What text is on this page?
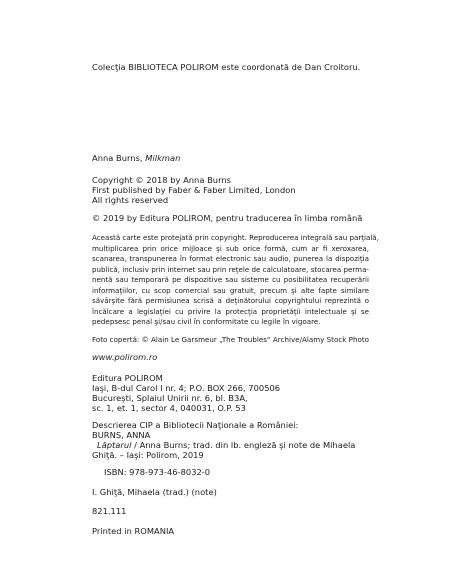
Colecţia BIBLIOTECA POLIROM este coordonată de Dan Croitoru.
Anna Burns, Milkman
Copyright © 2018 by Anna Burns
First published by Faber & Faber Limited, London
All rights reserved
© 2019 by Editura POLIROM, pentru traducerea în limba română
Această carte este protejată prin copyright. Reproducerea integrală sau parţială,
multiplicarea prin orice mijloace şi sub orice formă, cum ar fi xeroxarea,
scanarea, transpunerea în format electronic sau audio, punerea la dispoziţia
publică, inclusiv prin internet sau prin reţele de calculatoare, stocarea perma-
nentă sau temporară pe dispozitive sau sisteme cu posibilitatea recuperării
informaţiilor, cu scop comercial sau gratuit, precum şi alte fapte similare
săvârşite fără permisiunea scrisă a deţinătorului copyrightului reprezintă o
încălcare a legislaţiei cu privire la protecţia proprietăţii intelectuale şi se
pedepsesc penal şi/sau civil în conformitate cu legile în vigoare.
Foto copertă: © Alain Le Garsmeur „The Troubles“ Archive/Alamy Stock Photo
www.polirom.ro
Editura POLIROM
Iaşi, B-dul Carol I nr. 4; P.O. BOX 266, 700506
Bucureşti, Splaiul Unirii nr. 6, bl. B3A,
sc. 1, et. 1, sector 4, 040031, O.P. 53
Descrierea CIP a Bibliotecii Naţionale a României:
BURNS, ANNA
Lăptarul / Anna Burns; trad. din lb. engleză şi note de Mihaela
Ghiţă. – Iaşi: Polirom, 2019
ISBN: 978-973-46-8032-0
I. Ghiţă, Mihaela (trad.) (note)
821.111
Printed in ROMANIA
